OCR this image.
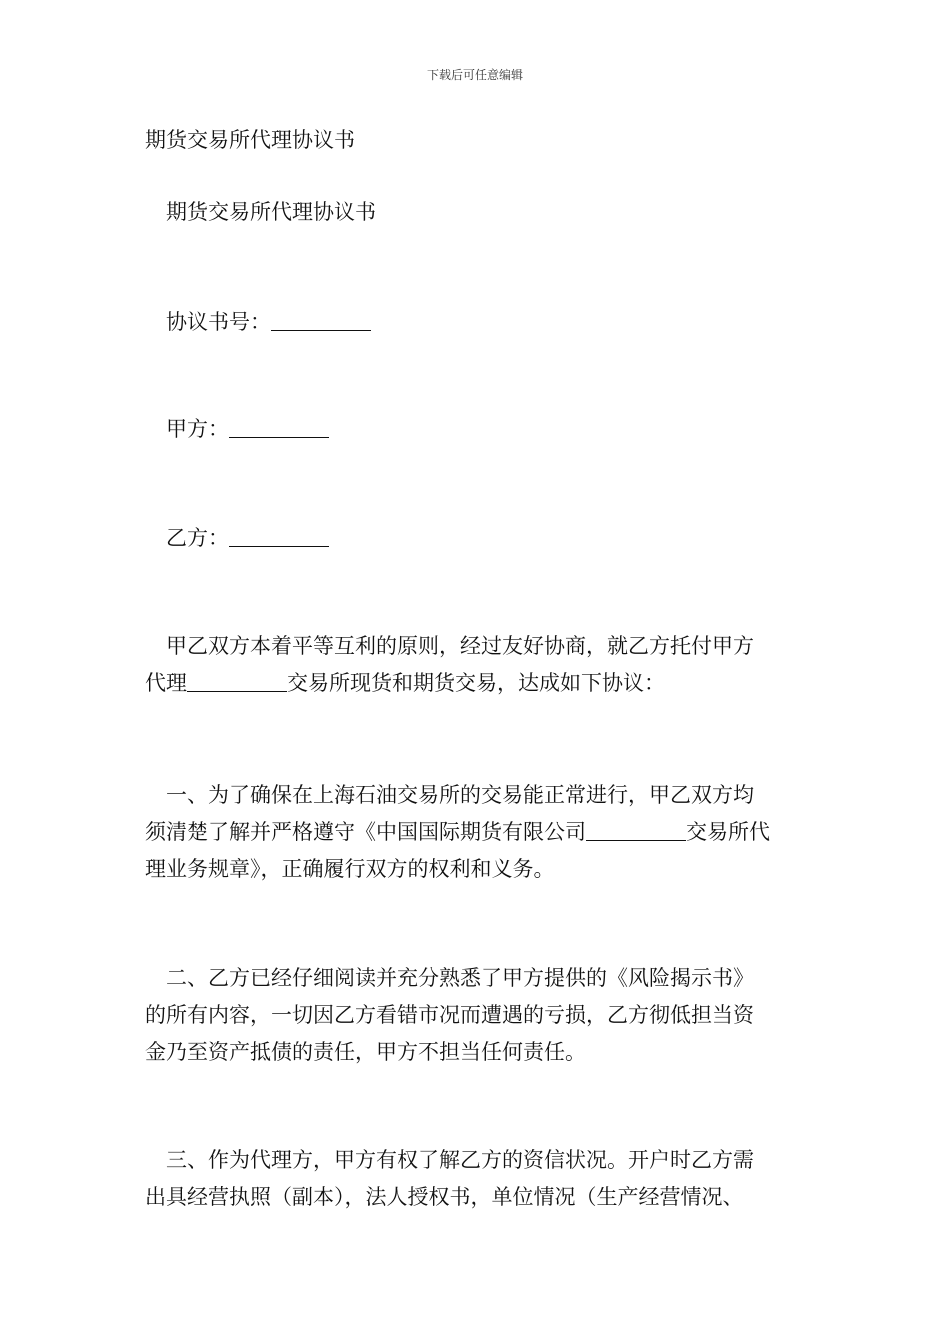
下载后可任意编辑
期货交易所代理协议书
期货交易所代理协议书
协议书号：
甲方：
乙方：
甲乙双方本着平等互利的原则，经过友好协商，就乙方托付甲方
代理	交易所现货和期货交易，达成如下协议：
一、为了确保在上海石油交易所的交易能正常进行，甲乙双方均
须清楚了解并严格遵守《中国国际期货有限公司	交易所代
理业务规章》，正确履行双方的权利和义务。
二、乙方已经仔细阅读并充分熟悉了甲方提供的《风险揭示书》
的所有内容，一切因乙方看错市况而遭遇的亏损，乙方彻低担当资
金乃至资产抵债的责任，甲方不担当任何责任。
三、作为代理方，甲方有权了解乙方的资信状况。开户时乙方需
出具经营执照（副本），法人授权书，单位情况（生产经营情况、
